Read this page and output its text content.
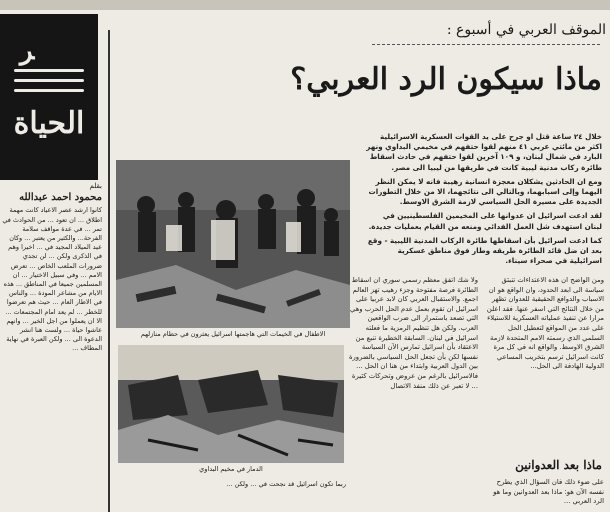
ﺮ
الحياة
بقلم
محمود احمد عبدالله
كانوا ارشد عصر الاعياد كانت مهمة اطلاق ... ان تعود ... من الحوادث في تمر ... في عدة مواقف سلامة الفرحة... والكثير من يعتبر ... وكان عيد الميلاد المجيد في ... اخيرا وهم في الذكرى ولكن ... لن تجدي ضرورات الملعب الخاص ... تعرض الامم ... وفي سبيل الاختيار ... ان المسلمين جميعا في المناطق ... هذه الايام من مشاعر المودة ... والناس في الاطار العام ... حيث هم تعرضوا للخطر ... لم يعد امام المجتمعات ... الا ان يعملوا من اجل الخير ... وانهم عاشوا حياة ... ولست هنا انشر الدعوة الى ... ولكن العبرة في نهاية المطاف ...
الموقف العربي في أسبوع :
ماذا سيكون الرد العربي؟

خلال ٢٤ ساعة قتل او جرح على يد القوات العسكرية الاسرائيلية اكثر من مائتي عربي ٤١ منهم لقوا حتفهم في مخيمي البداوي ونهر البارد في شمال لبنان، و ١٠٩ آخرين لقوا حتفهم في حادث اسقاط طائرة ركاب مدنية ليبية كانت في طريقها من ليبيا الى مصر.

ومع ان الحادثين يشكلان معجزة انسانية رهيبة فانه لا يمكن النظر اليهما وإلى اسبابهما، وبالتالي الى نتائجهما، الا من خلال التطورات الجديدة على مسيرة الحل السياسي لازمة الشرق الاوسط.

لقد ادعت اسرائيل ان عدوانها على المخيمين الفلسطينيين في لبنان استهدف شل العمل الفدائي ومنعه من القيام بعمليات جديدة.

كما ادعت اسرائيل بأن اسقاطها طائرة الركاب المدنية الليبية - وقع بعد ان ضل قائد الطائرة طريقه وطار فوق مناطق عسكرية اسرائيلية في صحراء سيناء.

الاطفال في الخيمات التي هاجمتها اسرائيل يعثرون في حطام منازلهم
الدمار في مخيم البداوي
ولا شك اتفق معظم رسمي سوري ان اسقاط الطائرة فرصة مفتوحة وجزء رهيب تهز العالم اجمع. والاستقبال العربي كان لابد عربيا على اسرائيل ان تقوم بعمل عدم الحل الحرب وهي التي تصعد باستمرار الى ضرب الواقعين العرب. ولكن هل تنظيم الرمزية ما فعلته اسرائيل في لبنان. السابقة الخطيرة تنبع من الاعتقاد بأن اسرائيل تمارس الآن السياسة نفسها لكن بأن تجعل الحل السياسي بالضرورة بين الدول العربية وابتداء من هنا ان الحل ... فالاسرائيل بالرغم من عروض وتحركات كثيرة ... لا تعبر عن ذلك منفذ الاتصال
ومن الواضح ان هذه الاعتداءات تنبثق سياسة الى ابعد الحدود، وان الواقع هو ان الاسباب والدوافع الحقيقية للعدوان تظهر من خلال النتائج التي اسفر عنها. فقد اعلن مرارا عن تنفيذ عملياته العسكرية للاستيلاء على عدد من المواقع لتعطيل الحل السلمي الذي رسمته الامم المتحدة لازمة الشرق الاوسط. والواقع انه في كل مرة كانت اسرائيل ترسم بتخريب المساعي الدولية الهادفة الى الحل...
ماذا بعد العدوانين
على ضوء ذلك فان السؤال الذي يطرح نفسه الآن هو: ماذا بعد العدوانين وما هو الرد العربي ...
ربما تكون اسرائيل قد نجحت في ... ولكن ...
